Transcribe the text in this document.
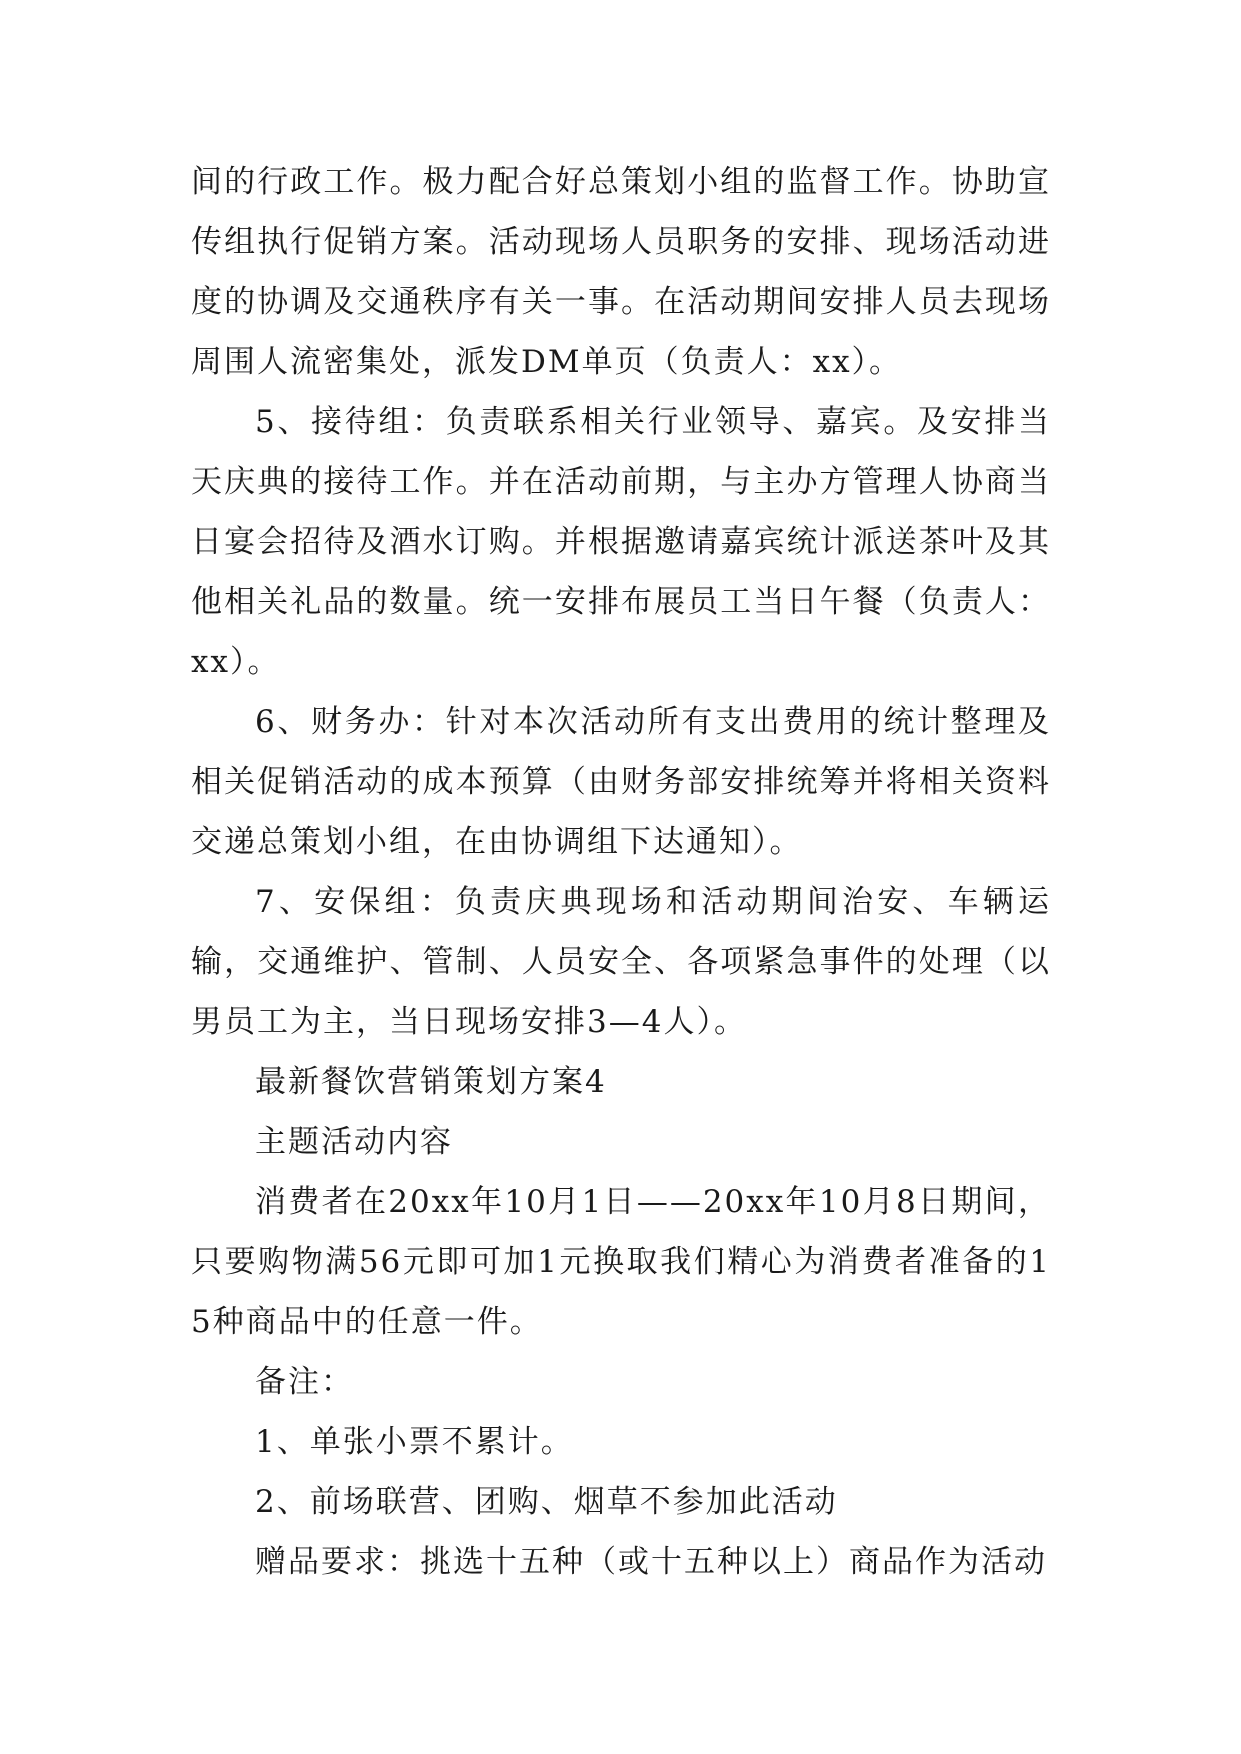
间的行政工作。极力配合好总策划小组的监督工作。协助宣传组执行促销方案。活动现场人员职务的安排、现场活动进度的协调及交通秩序有关一事。在活动期间安排人员去现场周围人流密集处，派发DM单页（负责人：xx）。

5、接待组：负责联系相关行业领导、嘉宾。及安排当天庆典的接待工作。并在活动前期，与主办方管理人协商当日宴会招待及酒水订购。并根据邀请嘉宾统计派送茶叶及其他相关礼品的数量。统一安排布展员工当日午餐（负责人：xx）。

6、财务办：针对本次活动所有支出费用的统计整理及相关促销活动的成本预算（由财务部安排统筹并将相关资料交递总策划小组，在由协调组下达通知）。

7、安保组：负责庆典现场和活动期间治安、车辆运输，交通维护、管制、人员安全、各项紧急事件的处理（以男员工为主，当日现场安排3—4人）。

最新餐饮营销策划方案4

主题活动内容

消费者在20xx年10月1日——20xx年10月8日期间，只要购物满56元即可加1元换取我们精心为消费者准备的15种商品中的任意一件。

备注：

1、单张小票不累计。

2、前场联营、团购、烟草不参加此活动

赠品要求：挑选十五种（或十五种以上）商品作为活动
